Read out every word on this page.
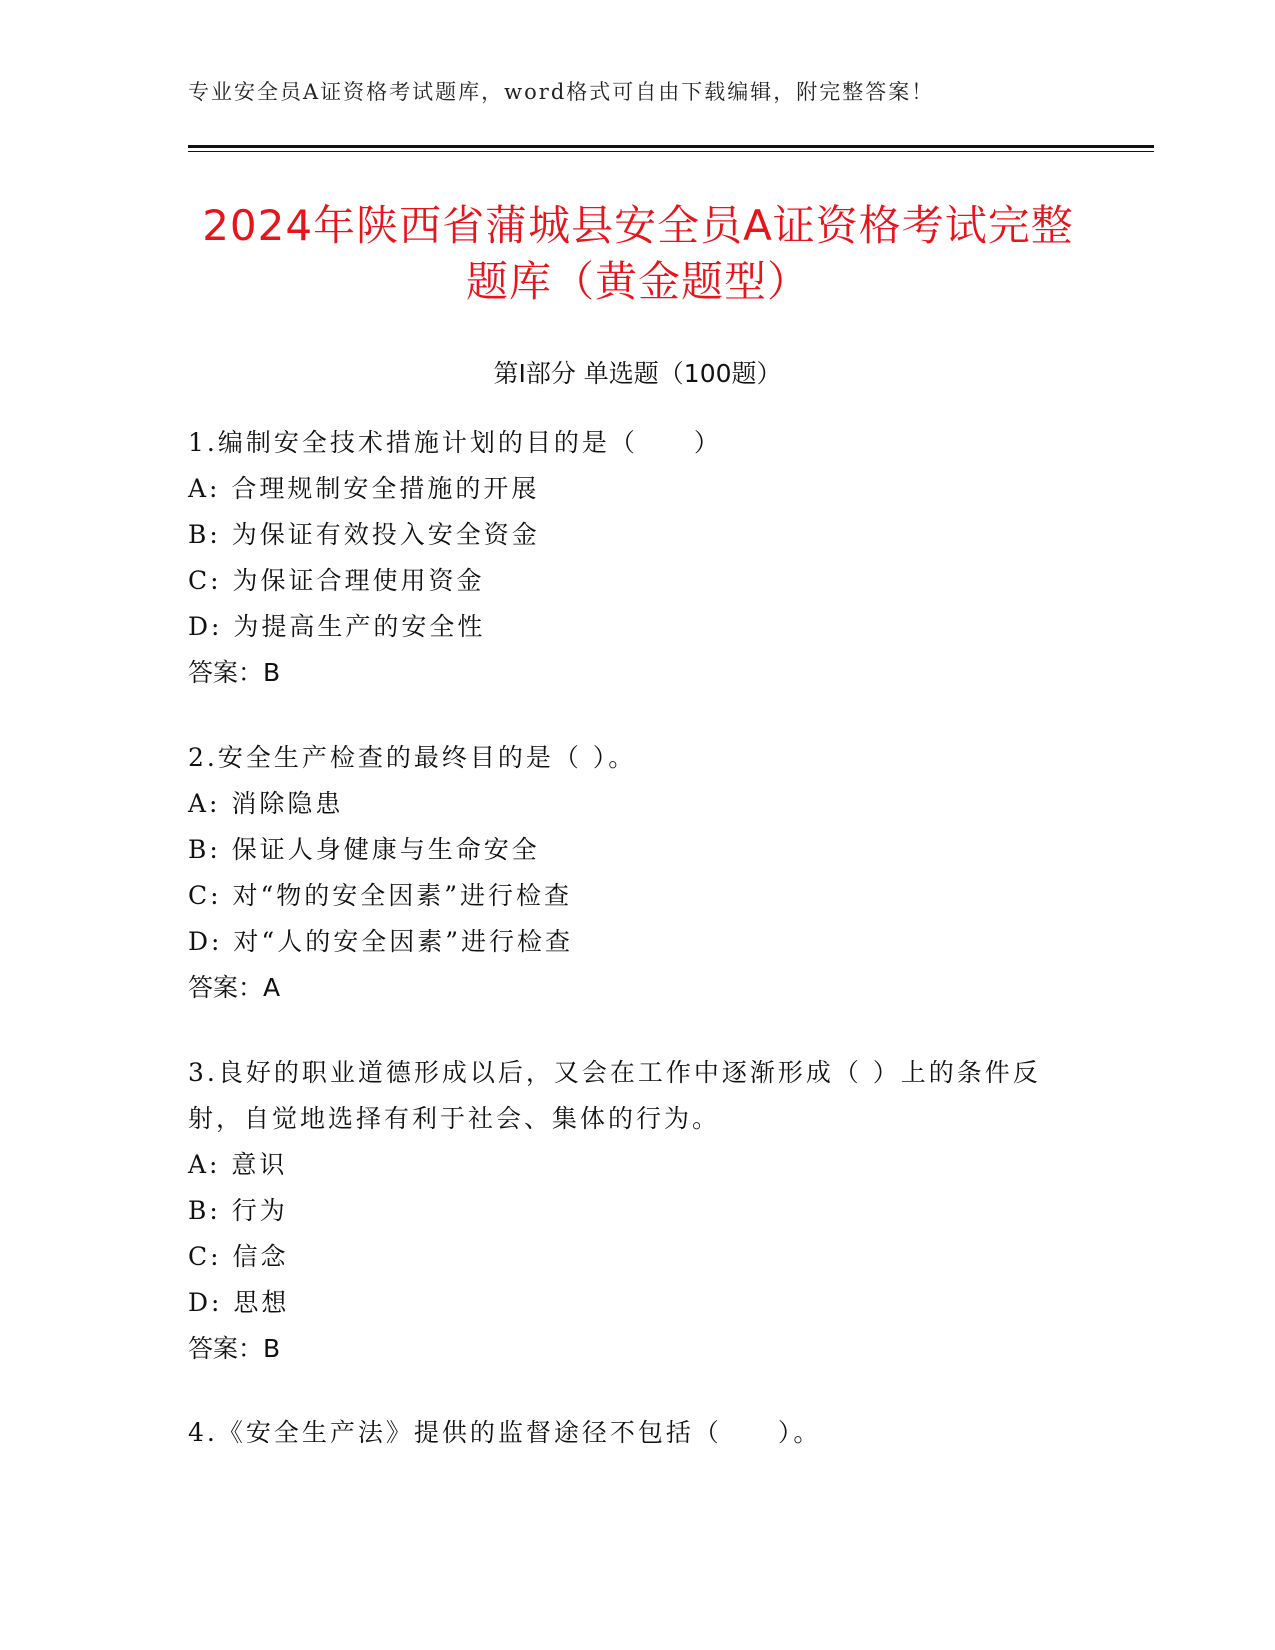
专业安全员A证资格考试题库，word格式可自由下载编辑，附完整答案！
2024年陕西省蒲城县安全员A证资格考试完整题库（黄金题型）
第Ⅰ部分 单选题（100题）

1.编制安全技术措施计划的目的是（　　）

A: 合理规制安全措施的开展

B: 为保证有效投入安全资金

C: 为保证合理使用资金

D: 为提高生产的安全性

答案：B

2.安全生产检查的最终目的是（ ）。

A: 消除隐患

B: 保证人身健康与生命安全

C: 对“物的安全因素”进行检查

D: 对“人的安全因素”进行检查

答案：A

3.良好的职业道德形成以后，又会在工作中逐渐形成（ ）上的条件反射，自觉地选择有利于社会、集体的行为。

A: 意识

B: 行为

C: 信念

D: 思想

答案：B

4.《安全生产法》提供的监督途径不包括（　　）。
